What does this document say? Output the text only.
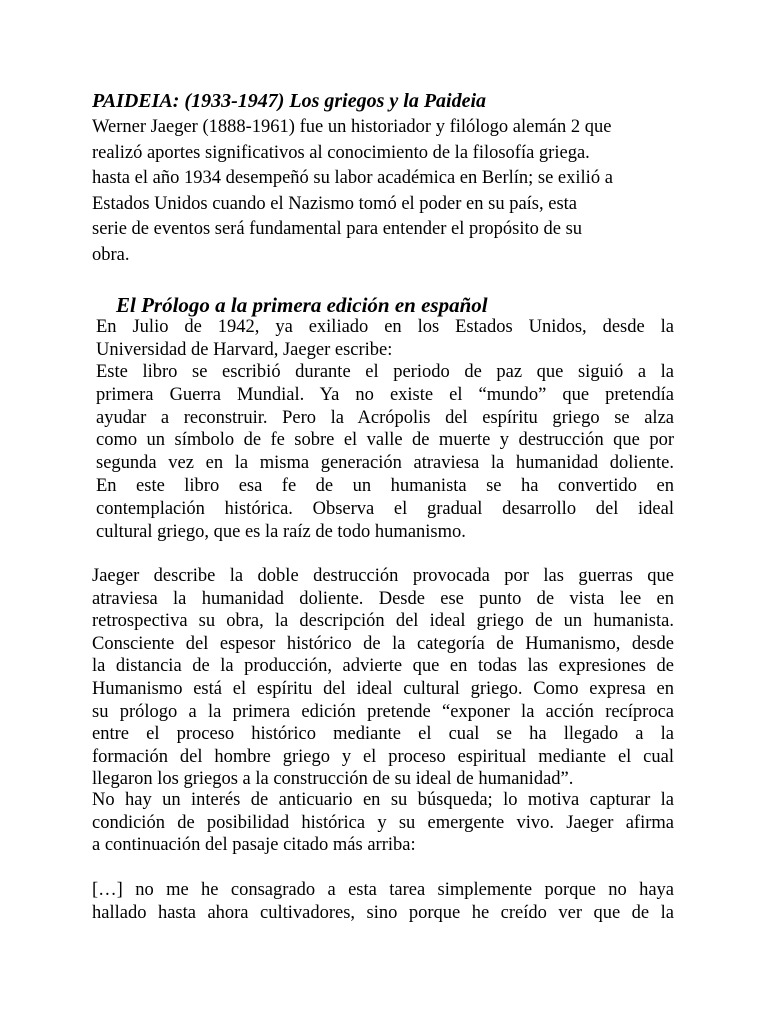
PAIDEIA: (1933-1947) Los griegos y la Paideia

Werner Jaeger (1888-1961) fue un historiador y filólogo alemán 2 que
realizó aportes significativos al conocimiento de la filosofía griega.
hasta el año 1934 desempeñó su labor académica en Berlín; se exilió a
Estados Unidos cuando el Nazismo tomó el poder en su país, esta
serie de eventos será fundamental para entender el propósito de su
obra.

El Prólogo a la primera edición en español

En Julio de 1942, ya exiliado en los Estados Unidos, desde la
Universidad de Harvard, Jaeger escribe:

Este libro se escribió durante el periodo de paz que siguió a la
primera Guerra Mundial. Ya no existe el “mundo” que pretendía
ayudar a reconstruir. Pero la Acrópolis del espíritu griego se alza
como un símbolo de fe sobre el valle de muerte y destrucción que por
segunda vez en la misma generación atraviesa la humanidad doliente.
En este libro esa fe de un humanista se ha convertido en
contemplación histórica. Observa el gradual desarrollo del ideal
cultural griego, que es la raíz de todo humanismo.

Jaeger describe la doble destrucción provocada por las guerras que
atraviesa la humanidad doliente. Desde ese punto de vista lee en
retrospectiva su obra, la descripción del ideal griego de un humanista.
Consciente del espesor histórico de la categoría de Humanismo, desde
la distancia de la producción, advierte que en todas las expresiones de
Humanismo está el espíritu del ideal cultural griego. Como expresa en
su prólogo a la primera edición pretende “exponer la acción recíproca
entre el proceso histórico mediante el cual se ha llegado a la
formación del hombre griego y el proceso espiritual mediante el cual
llegaron los griegos a la construcción de su ideal de humanidad”.

No hay un interés de anticuario en su búsqueda; lo motiva capturar la
condición de posibilidad histórica y su emergente vivo. Jaeger afirma
a continuación del pasaje citado más arriba:

[…] no me he consagrado a esta tarea simplemente porque no haya
hallado hasta ahora cultivadores, sino porque he creído ver que de la
